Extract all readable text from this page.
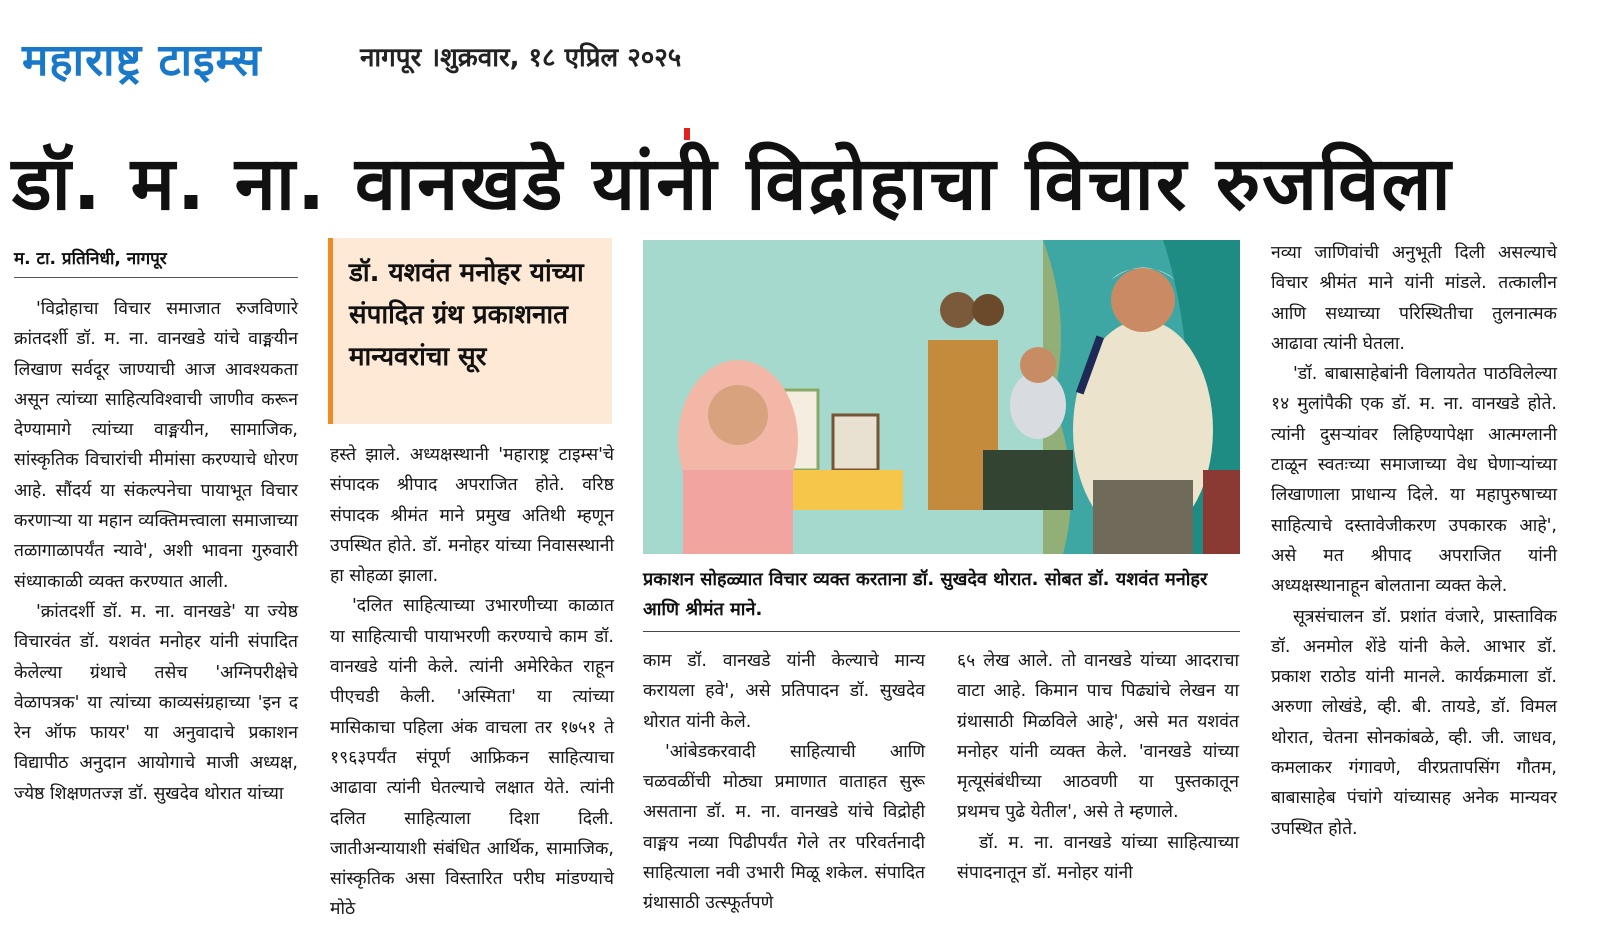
महाराष्ट्र टाइम्स	नागपूर ।शुक्रवार, १८ एप्रिल २०२५
डॉ. म. ना. वानखडे यांनी विद्रोहाचा विचार रुजविला
म. टा. प्रतिनिधी, नागपूर

'विद्रोहाचा विचार समाजात रुजविणारे क्रांतदर्शी डॉ. म. ना. वानखडे यांचे वाङ्मयीन लिखाण सर्वदूर जाण्याची आज आवश्यकता असून त्यांच्या साहित्यविश्वाची जाणीव करून देण्यामागे त्यांच्या वाङ्मयीन, सामाजिक, सांस्कृतिक विचारांची मीमांसा करण्याचे धोरण आहे. सौंदर्य या संकल्पनेचा पायाभूत विचार करणाऱ्या या महान व्यक्तिमत्त्वाला समाजाच्या तळागाळापर्यंत न्यावे', अशी भावना गुरुवारी संध्याकाळी व्यक्त करण्यात आली.

'क्रांतदर्शी डॉ. म. ना. वानखडे' या ज्येष्ठ विचारवंत डॉ. यशवंत मनोहर यांनी संपादित केलेल्या ग्रंथाचे तसेच 'अग्निपरीक्षेचे वेळापत्रक' या त्यांच्या काव्यसंग्रहाच्या 'इन द रेन ऑफ फायर' या अनुवादाचे प्रकाशन विद्यापीठ अनुदान आयोगाचे माजी अध्यक्ष, ज्येष्ठ शिक्षणतज्ज्ञ डॉ. सुखदेव थोरात यांच्या

डॉ. यशवंत मनोहर यांच्या संपादित ग्रंथ प्रकाशनात मान्यवरांचा सूर

हस्ते झाले. अध्यक्षस्थानी 'महाराष्ट्र टाइम्स'चे संपादक श्रीपाद अपराजित होते. वरिष्ठ संपादक श्रीमंत माने प्रमुख अतिथी म्हणून उपस्थित होते. डॉ. मनोहर यांच्या निवासस्थानी हा सोहळा झाला.

'दलित साहित्याच्या उभारणीच्या काळात या साहित्याची पायाभरणी करण्याचे काम डॉ. वानखडे यांनी केले. त्यांनी अमेरिकेत राहून पीएचडी केली. 'अस्मिता' या त्यांच्या मासिकाचा पहिला अंक वाचला तर १७५१ ते १९६३पर्यंत संपूर्ण आफ्रिकन साहित्याचा आढावा त्यांनी घेतल्याचे लक्षात येते. त्यांनी दलित साहित्याला दिशा दिली. जातीअन्यायाशी संबंधित आर्थिक, सामाजिक, सांस्कृतिक असा विस्तारित परीघ मांडण्याचे मोठे

प्रकाशन सोहळ्यात विचार व्यक्त करताना डॉ. सुखदेव थोरात. सोबत डॉ. यशवंत मनोहर आणि श्रीमंत माने.

काम डॉ. वानखडे यांनी केल्याचे मान्य करायला हवे', असे प्रतिपादन डॉ. सुखदेव थोरात यांनी केले.

'आंबेडकरवादी साहित्याची आणि चळवळींची मोठ्या प्रमाणात वाताहत सुरू असताना डॉ. म. ना. वानखडे यांचे विद्रोही वाङ्मय नव्या पिढीपर्यंत गेले तर परिवर्तनादी साहित्याला नवी उभारी मिळू शकेल. संपादित ग्रंथासाठी उत्स्फूर्तपणे

६५ लेख आले. तो वानखडे यांच्या आदराचा वाटा आहे. किमान पाच पिढ्यांचे लेखन या ग्रंथासाठी मिळविले आहे', असे मत यशवंत मनोहर यांनी व्यक्त केले. 'वानखडे यांच्या मृत्यूसंबंधीच्या आठवणी या पुस्तकातून प्रथमच पुढे येतील', असे ते म्हणाले.

डॉ. म. ना. वानखडे यांच्या साहित्याच्या संपादनातून डॉ. मनोहर यांनी

नव्या जाणिवांची अनुभूती दिली असल्याचे विचार श्रीमंत माने यांनी मांडले. तत्कालीन आणि सध्याच्या परिस्थितीचा तुलनात्मक आढावा त्यांनी घेतला.

'डॉ. बाबासाहेबांनी विलायतेत पाठविलेल्या १४ मुलांपैकी एक डॉ. म. ना. वानखडे होते. त्यांनी दुसऱ्यांवर लिहिण्यापेक्षा आत्मग्लानी टाळून स्वतःच्या समाजाच्या वेध घेणाऱ्यांच्या लिखाणाला प्राधान्य दिले. या महापुरुषाच्या साहित्याचे दस्तावेजीकरण उपकारक आहे', असे मत श्रीपाद अपराजित यांनी अध्यक्षस्थानाहून बोलताना व्यक्त केले.

सूत्रसंचालन डॉ. प्रशांत वंजारे, प्रास्ताविक डॉ. अनमोल शेंडे यांनी केले. आभार डॉ. प्रकाश राठोड यांनी मानले. कार्यक्रमाला डॉ. अरुणा लोखंडे, व्ही. बी. तायडे, डॉ. विमल थोरात, चेतना सोनकांबळे, व्ही. जी. जाधव, कमलाकर गंगावणे, वीरप्रतापसिंग गौतम, बाबासाहेब पंचांगे यांच्यासह अनेक मान्यवर उपस्थित होते.
